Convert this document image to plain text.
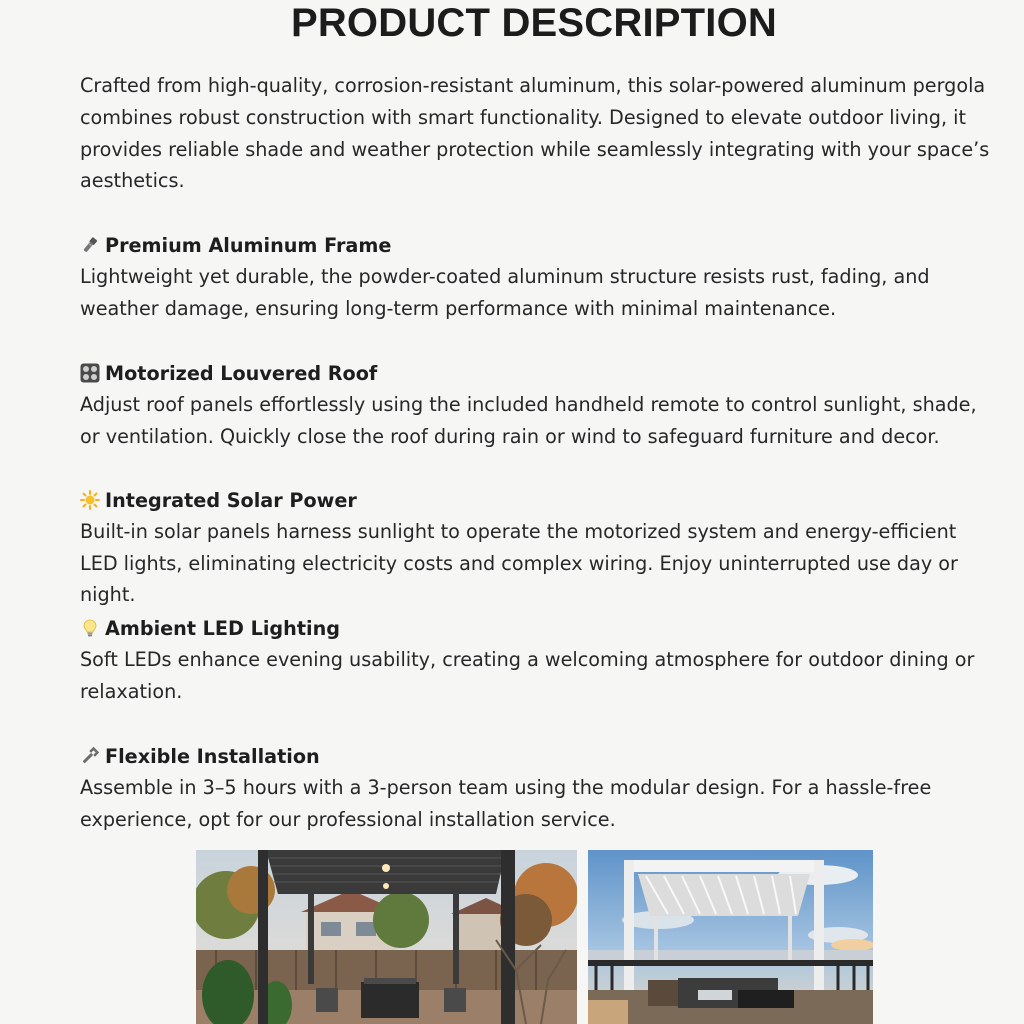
PRODUCT DESCRIPTION

Crafted from high-quality, corrosion-resistant aluminum, this solar-powered aluminum pergola combines robust construction with smart functionality. Designed to elevate outdoor living, it provides reliable shade and weather protection while seamlessly integrating with your space’s aesthetics.

Premium Aluminum Frame

Lightweight yet durable, the powder-coated aluminum structure resists rust, fading, and weather damage, ensuring long-term performance with minimal maintenance.

Motorized Louvered Roof

Adjust roof panels effortlessly using the included handheld remote to control sunlight, shade, or ventilation. Quickly close the roof during rain or wind to safeguard furniture and decor.

Integrated Solar Power

Built-in solar panels harness sunlight to operate the motorized system and energy-efficient LED lights, eliminating electricity costs and complex wiring. Enjoy uninterrupted use day or night.

Ambient LED Lighting

Soft LEDs enhance evening usability, creating a welcoming atmosphere for outdoor dining or relaxation.

Flexible Installation

Assemble in 3–5 hours with a 3-person team using the modular design. For a hassle-free experience, opt for our professional installation service.
